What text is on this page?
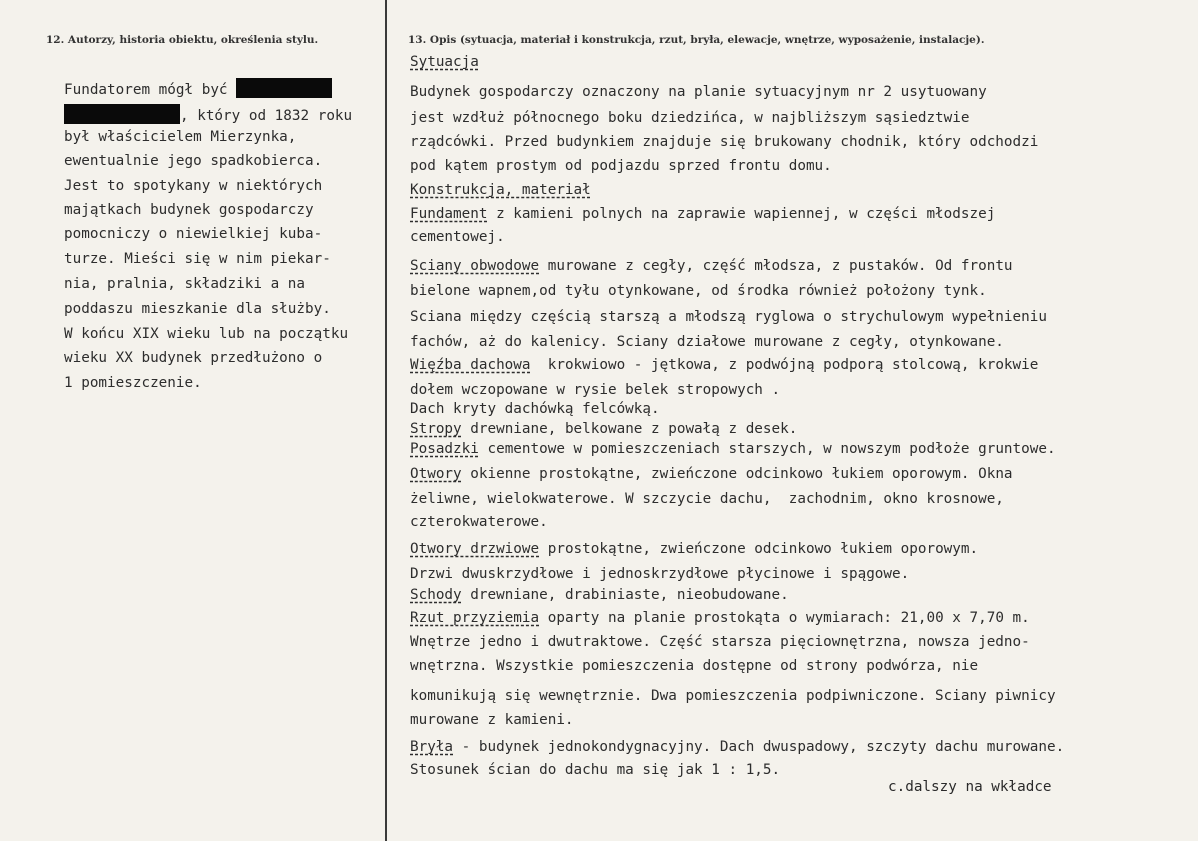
12. Autorzy, historia obiektu, określenia stylu.	13. Opis (sytuacja, materiał i konstrukcja, rzut, bryła, elewacje, wnętrze, wyposażenie, instalacje).
Fundatorem mógł być
, który od 1832 roku
był właścicielem Mierzynka,
ewentualnie jego spadkobierca.
Jest to spotykany w niektórych
majątkach budynek gospodarczy
pomocniczy o niewielkiej kuba-
turze. Mieści się w nim piekar-
nia, pralnia, składziki a na
poddaszu mieszkanie dla służby.
W końcu XIX wieku lub na początku
wieku XX budynek przedłużono o
1 pomieszczenie.
Sytuacja
Budynek gospodarczy oznaczony na planie sytuacyjnym nr 2 usytuowany
jest wzdłuż północnego boku dziedzińca, w najbliższym sąsiedztwie
rządcówki. Przed budynkiem znajduje się brukowany chodnik, który odchodzi
pod kątem prostym od podjazdu sprzed frontu domu.
Konstrukcja, materiał
Fundament z kamieni polnych na zaprawie wapiennej, w części młodszej
cementowej.
Sciany obwodowe murowane z cegły, część młodsza, z pustaków. Od frontu
bielone wapnem,od tyłu otynkowane, od środka również położony tynk.
Sciana między częścią starszą a młodszą ryglowa o strychulowym wypełnieniu
fachów, aż do kalenicy. Sciany działowe murowane z cegły, otynkowane.
Więźba dachowa  krokwiowo - jętkowa, z podwójną podporą stolcową, krokwie
dołem wczopowane w rysie belek stropowych .
Dach kryty dachówką felcówką.
Stropy drewniane, belkowane z powałą z desek.
Posadzki cementowe w pomieszczeniach starszych, w nowszym podłoże gruntowe.
Otwory okienne prostokątne, zwieńczone odcinkowo łukiem oporowym. Okna
żeliwne, wielokwaterowe. W szczycie dachu,  zachodnim, okno krosnowe,
czterokwaterowe.
Otwory drzwiowe prostokątne, zwieńczone odcinkowo łukiem oporowym.
Drzwi dwuskrzydłowe i jednoskrzydłowe płycinowe i spągowe.
Schody drewniane, drabiniaste, nieobudowane.
Rzut przyziemia oparty na planie prostokąta o wymiarach: 21,00 x 7,70 m.
Wnętrze jedno i dwutraktowe. Część starsza pięciownętrzna, nowsza jedno-
wnętrzna. Wszystkie pomieszczenia dostępne od strony podwórza, nie
komunikują się wewnętrznie. Dwa pomieszczenia podpiwniczone. Sciany piwnicy
murowane z kamieni.
Bryła - budynek jednokondygnacyjny. Dach dwuspadowy, szczyty dachu murowane.
Stosunek ścian do dachu ma się jak 1 : 1,5.
c.dalszy na wkładce
